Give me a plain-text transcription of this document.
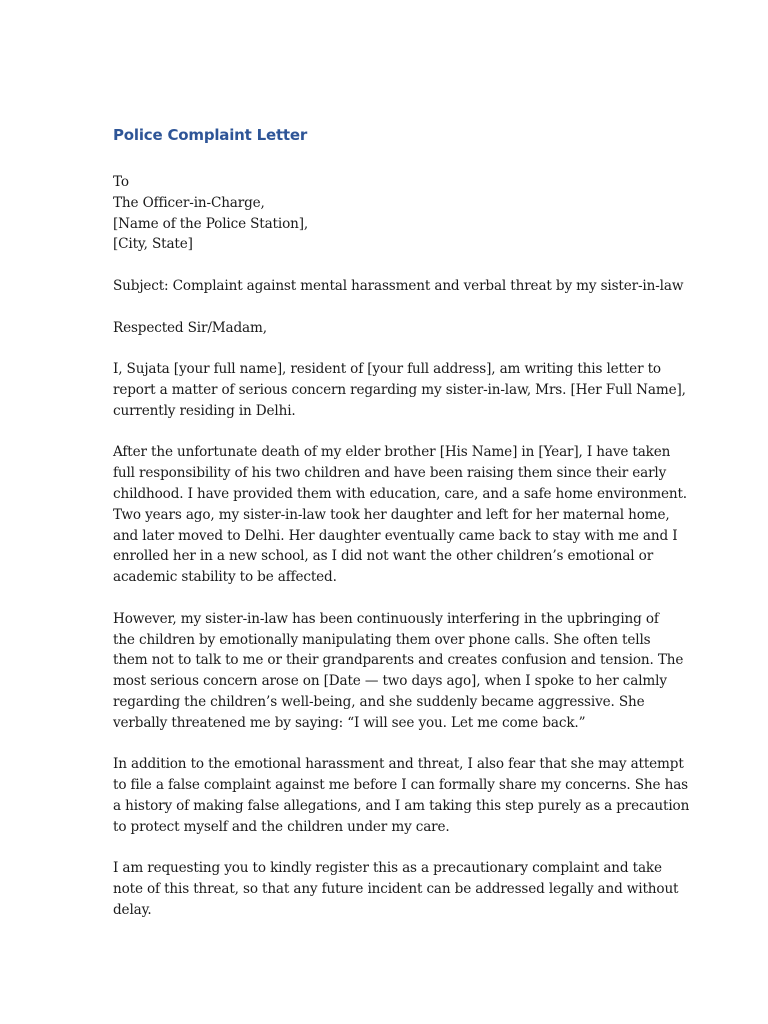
Police Complaint Letter
To
The Officer-in-Charge,
[Name of the Police Station],
[City, State]
Subject: Complaint against mental harassment and verbal threat by my sister-in-law
Respected Sir/Madam,
I, Sujata [your full name], resident of [your full address], am writing this letter to
report a matter of serious concern regarding my sister-in-law, Mrs. [Her Full Name],
currently residing in Delhi.
After the unfortunate death of my elder brother [His Name] in [Year], I have taken
full responsibility of his two children and have been raising them since their early
childhood. I have provided them with education, care, and a safe home environment.
Two years ago, my sister-in-law took her daughter and left for her maternal home,
and later moved to Delhi. Her daughter eventually came back to stay with me and I
enrolled her in a new school, as I did not want the other children’s emotional or
academic stability to be affected.
However, my sister-in-law has been continuously interfering in the upbringing of
the children by emotionally manipulating them over phone calls. She often tells
them not to talk to me or their grandparents and creates confusion and tension. The
most serious concern arose on [Date — two days ago], when I spoke to her calmly
regarding the children’s well-being, and she suddenly became aggressive. She
verbally threatened me by saying: “I will see you. Let me come back.”
In addition to the emotional harassment and threat, I also fear that she may attempt
to file a false complaint against me before I can formally share my concerns. She has
a history of making false allegations, and I am taking this step purely as a precaution
to protect myself and the children under my care.
I am requesting you to kindly register this as a precautionary complaint and take
note of this threat, so that any future incident can be addressed legally and without
delay.
